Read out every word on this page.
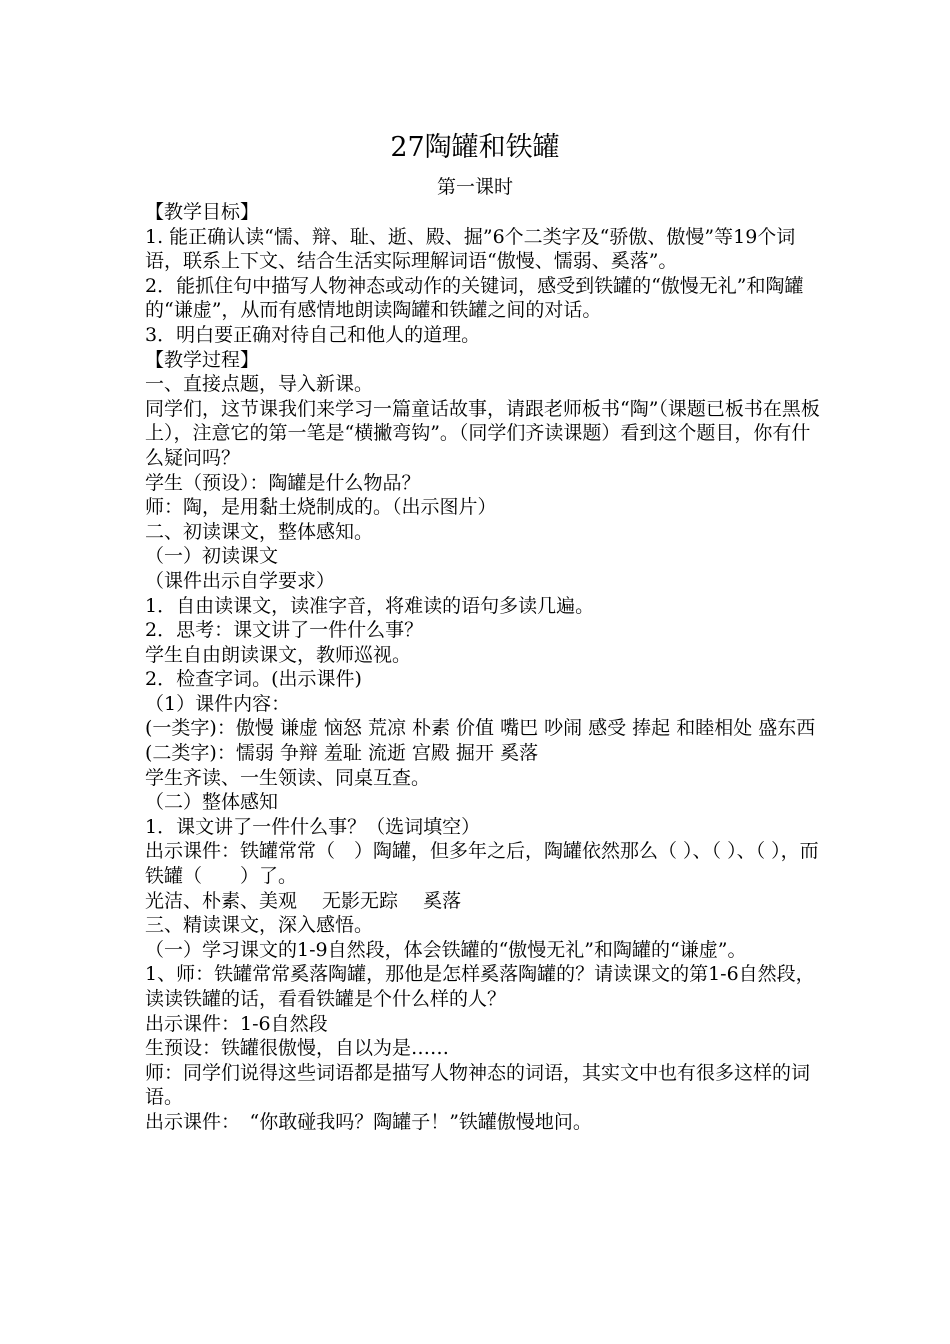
27陶罐和铁罐
第一课时

【教学目标】

1. 能正确认读“懦、辩、耻、逝、殿、掘”6个二类字及“骄傲、傲慢”等19个词语，联系上下文、结合生活实际理解词语“傲慢、懦弱、奚落”。

2．能抓住句中描写人物神态或动作的关键词，感受到铁罐的“傲慢无礼”和陶罐的“谦虚”，从而有感情地朗读陶罐和铁罐之间的对话。

3．明白要正确对待自己和他人的道理。

【教学过程】

一、直接点题，导入新课。

同学们，这节课我们来学习一篇童话故事，请跟老师板书“陶”（课题已板书在黑板上），注意它的第一笔是“横撇弯钩”。（同学们齐读课题）看到这个题目，你有什么疑问吗？

学生（预设）：陶罐是什么物品？

师：陶，是用黏土烧制成的。（出示图片）

二、初读课文，整体感知。

（一）初读课文

（课件出示自学要求）

1．自由读课文，读准字音，将难读的语句多读几遍。

2．思考：课文讲了一件什么事？

学生自由朗读课文，教师巡视。

2．检查字词。(出示课件)

（1）课件内容：

(一类字)：傲慢 谦虚 恼怒 荒凉 朴素 价值 嘴巴 吵闹 感受 捧起 和睦相处 盛东西

(二类字)：懦弱 争辩 羞耻 流逝 宫殿 掘开 奚落

学生齐读、一生领读、同桌互查。

（二）整体感知

1．课文讲了一件什么事？（选词填空）

出示课件：铁罐常常（　）陶罐，但多年之后，陶罐依然那么（ ）、（ ）、（ ），而铁罐（　　）了。

光洁、朴素、美观　 无影无踪　 奚落

三、精读课文，深入感悟。

（一）学习课文的1-9自然段，体会铁罐的“傲慢无礼”和陶罐的“谦虚”。

1、师：铁罐常常奚落陶罐，那他是怎样奚落陶罐的？请读课文的第1-6自然段，读读铁罐的话，看看铁罐是个什么样的人？

出示课件：1-6自然段

生预设：铁罐很傲慢，自以为是……

师：同学们说得这些词语都是描写人物神态的词语，其实文中也有很多这样的词语。

出示课件：　“你敢碰我吗？陶罐子！”铁罐傲慢地问。
